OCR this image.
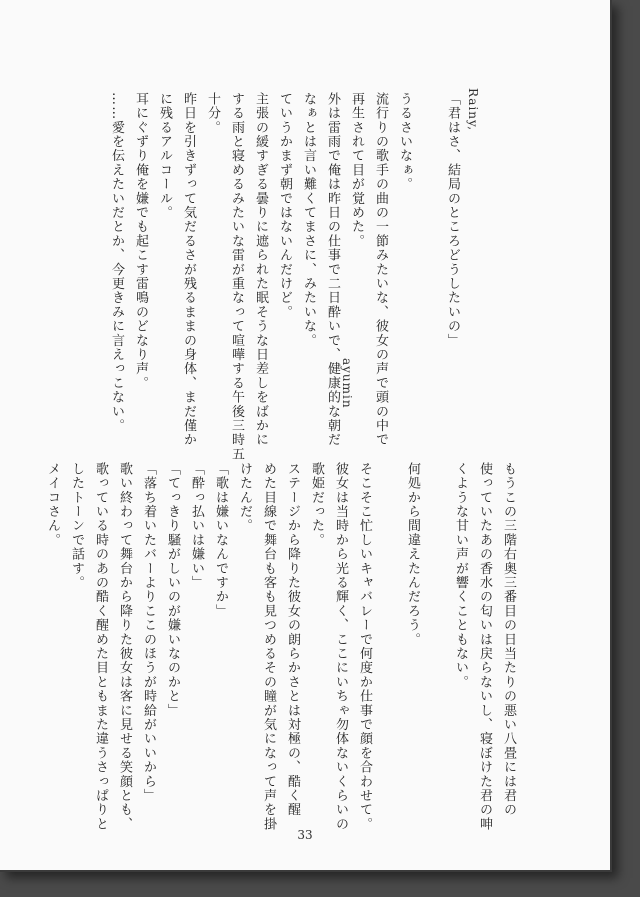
Rainy,

「君はさ、結局のところどうしたいの」

うるさいなぁ。

流行りの歌手の曲の一節みたいな、彼女の声で頭の中で

再生されて目が覚めた。

外は雷雨で俺は昨日の仕事で二日酔いで、健康的な朝だ

なぁとは言い難くてまさに、みたいな。

ていうかまず朝ではないんだけど。

主張の緩すぎる曇りに遮られた眠そうな日差しをばかに

する雨と寝めるみたいな雷が重なって喧嘩する午後三時五

十分。

昨日を引きずって気だるさが残るままの身体、まだ僅か

に残るアルコール。

耳にぐずり俺を嫌でも起こす雷鳴のどなり声。

……愛を伝えたいだとか、今更きみに言えっこない。	ayumin

もうこの三階右奥三番目の日当たりの悪い八畳には君の

使っていたあの香水の匂いは戻らないし、寝ぼけた君の呻

くような甘い声が響くこともない。

何処から間違えたんだろう。

そこそこ忙しいキャバレーで何度か仕事で顔を合わせて。

彼女は当時から光る輝く、ここにいちゃ勿体ないくらいの

歌姫だった。

ステージから降りた彼女の朗らかさとは対極の、酷く醒

めた目線で舞台も客も見つめるその瞳が気になって声を掛

けたんだ。

「歌は嫌いなんですか」

「酔っ払いは嫌い」

「てっきり騒がしいのが嫌いなのかと」

「落ち着いたバーよりここのほうが時給がいいから」

歌い終わって舞台から降りた彼女は客に見せる笑顔とも、

歌っている時のあの酷く醒めた目ともまた違うさっぱりと

したトーンで話す。

メイコさん。

33
